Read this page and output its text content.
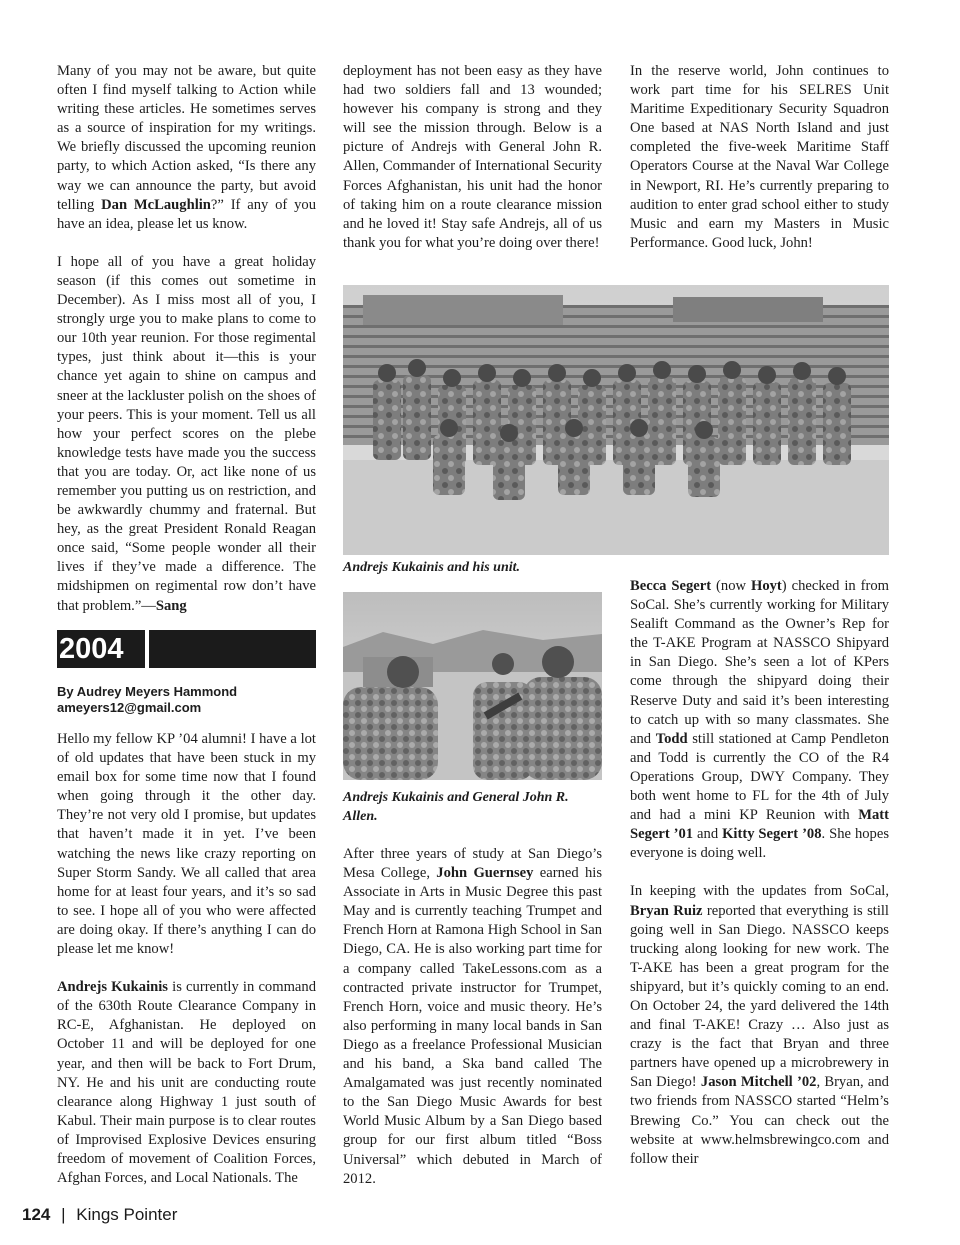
Many of you may not be aware, but quite often I find myself talking to Action while writing these articles. He sometimes serves as a source of inspiration for my writings. We briefly discussed the upcoming reunion party, to which Action asked, “Is there any way we can announce the party, but avoid telling Dan McLaughlin?” If any of you have an idea, please let us know.

I hope all of you have a great holiday season (if this comes out sometime in December). As I miss most all of you, I strongly urge you to make plans to come to our 10th year reunion. For those regimental types, just think about it—this is your chance yet again to shine on campus and sneer at the lackluster polish on the shoes of your peers. This is your moment. Tell us all how your perfect scores on the plebe knowledge tests have made you the success that you are today. Or, act like none of us remember you putting us on restriction, and be awkwardly chummy and fraternal. But hey, as the great President Ronald Reagan once said, “Some people wonder all their lives if they’ve made a difference. The midshipmen on regimental row don’t have that problem.”—Sang

2004
By Audrey Meyers Hammond
ameyers12@gmail.com

Hello my fellow KP ’04 alumni! I have a lot of old updates that have been stuck in my email box for some time now that I found when going through it the other day. They’re not very old I promise, but updates that haven’t made it in yet. I’ve been watching the news like crazy reporting on Super Storm Sandy. We all called that area home for at least four years, and it’s so sad to see. I hope all of you who were affected are doing okay. If there’s anything I can do please let me know!

Andrejs Kukainis is currently in command of the 630th Route Clearance Company in RC-E, Afghanistan. He deployed on October 11 and will be deployed for one year, and then will be back to Fort Drum, NY. He and his unit are conducting route clearance along Highway 1 just south of Kabul. Their main purpose is to clear routes of Improvised Explosive Devices ensuring freedom of movement of Coalition Forces, Afghan Forces, and Local Nationals. The

deployment has not been easy as they have had two soldiers fall and 13 wounded; however his company is strong and they will see the mission through. Below is a picture of Andrejs with General John R. Allen, Commander of International Security Forces Afghanistan, his unit had the honor of taking him on a route clearance mission and he loved it! Stay safe Andrejs, all of us thank you for what you’re doing over there!

In the reserve world, John continues to work part time for his SELRES Unit Maritime Expeditionary Security Squadron One based at NAS North Island and just completed the five-week Maritime Staff Operators Course at the Naval War College in Newport, RI. He’s currently preparing to audition to enter grad school either to study Music and earn my Masters in Music Performance. Good luck, John!

Andrejs Kukainis and his unit.

Andrejs Kukainis and General John R. Allen.

After three years of study at San Diego’s Mesa College, John Guernsey earned his Associate in Arts in Music Degree this past May and is currently teaching Trumpet and French Horn at Ramona High School in San Diego, CA. He is also working part time for a company called TakeLessons.com as a contracted private instructor for Trumpet, French Horn, voice and music theory. He’s also performing in many local bands in San Diego as a freelance Professional Musician and his band, a Ska band called The Amalgamated was just recently nominated to the San Diego Music Awards for best World Music Album by a San Diego based group for our first album titled “Boss Universal” which debuted in March of 2012.

Becca Segert (now Hoyt) checked in from SoCal. She’s currently working for Military Sealift Command as the Owner’s Rep for the T-AKE Program at NASSCO Shipyard in San Diego. She’s seen a lot of KPers come through the shipyard doing their Reserve Duty and said it’s been interesting to catch up with so many classmates. She and Todd still stationed at Camp Pendleton and Todd is currently the CO of the R4 Operations Group, DWY Company. They both went home to FL for the 4th of July and had a mini KP Reunion with Matt Segert ’01 and Kitty Segert ’08. She hopes everyone is doing well.

In keeping with the updates from SoCal, Bryan Ruiz reported that everything is still going well in San Diego. NASSCO keeps trucking along looking for new work. The T-AKE has been a great program for the shipyard, but it’s quickly coming to an end. On October 24, the yard delivered the 14th and final T-AKE! Crazy … Also just as crazy is the fact that Bryan and three partners have opened up a microbrewery in San Diego! Jason Mitchell ’02, Bryan, and two friends from NASSCO started “Helm’s Brewing Co.” You can check out the website at www.helmsbrewingco.com and follow their

124 | Kings Pointer
